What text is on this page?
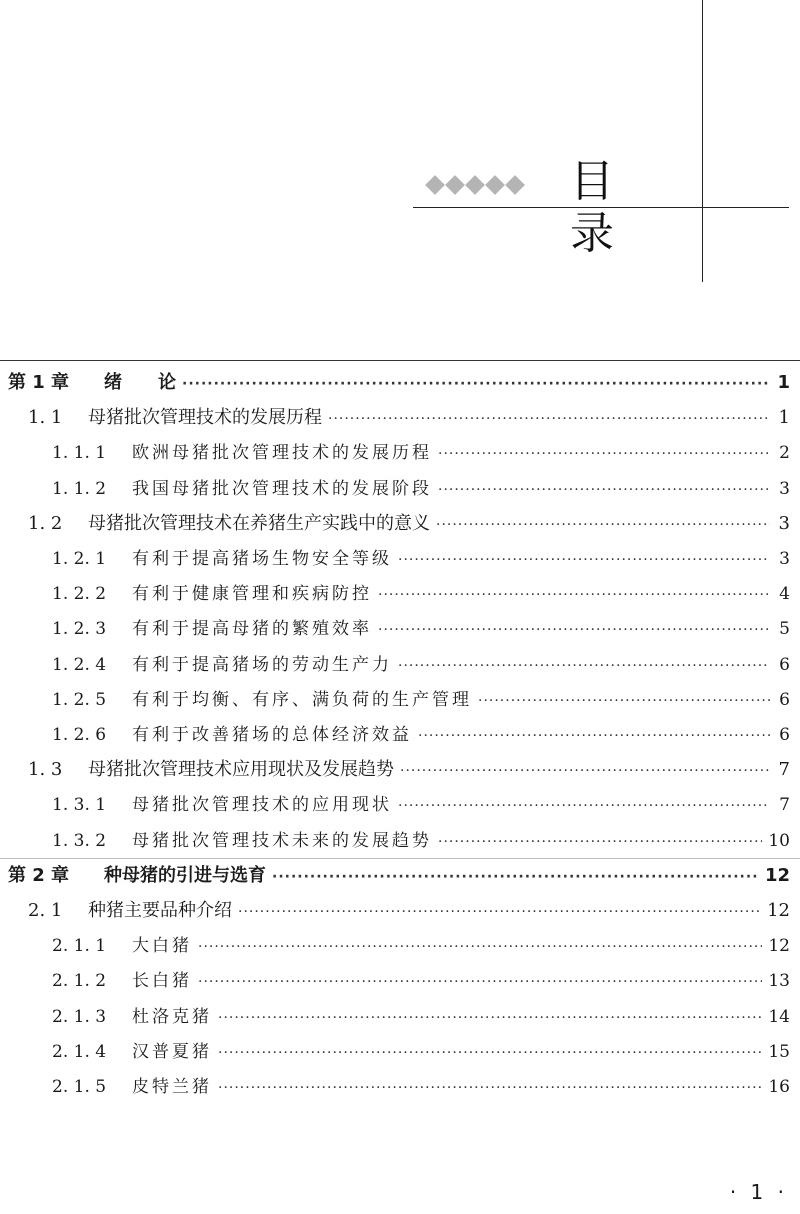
目　录
第 1 章	绪　　论 ·····	1
1. 1	母猪批次管理技术的发展历程 ·····	1
1. 1. 1	欧洲母猪批次管理技术的发展历程 ·····	2
1. 1. 2	我国母猪批次管理技术的发展阶段 ·····	3
1. 2	母猪批次管理技术在养猪生产实践中的意义 ·····	3
1. 2. 1	有利于提高猪场生物安全等级 ·····	3
1. 2. 2	有利于健康管理和疾病防控 ·····	4
1. 2. 3	有利于提高母猪的繁殖效率 ·····	5
1. 2. 4	有利于提高猪场的劳动生产力 ·····	6
1. 2. 5	有利于均衡、有序、满负荷的生产管理 ·····	6
1. 2. 6	有利于改善猪场的总体经济效益 ·····	6
1. 3	母猪批次管理技术应用现状及发展趋势 ·····	7
1. 3. 1	母猪批次管理技术的应用现状 ·····	7
1. 3. 2	母猪批次管理技术未来的发展趋势 ·····	10
第 2 章	种母猪的引进与选育 ·····	12
2. 1	种猪主要品种介绍 ·····	12
2. 1. 1	大白猪 ·····	12
2. 1. 2	长白猪 ·····	13
2. 1. 3	杜洛克猪 ·····	14
2. 1. 4	汉普夏猪 ·····	15
2. 1. 5	皮特兰猪 ·····	16
· 1 ·
